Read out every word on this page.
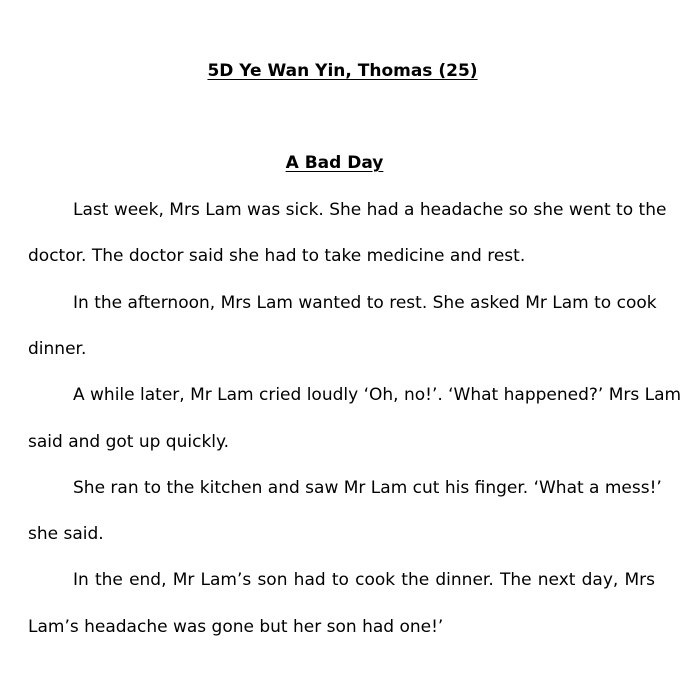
5D Ye Wan Yin, Thomas (25)
A Bad Day
Last week, Mrs Lam was sick. She had a headache so she went to the
doctor. The doctor said she had to take medicine and rest.
In the afternoon, Mrs Lam wanted to rest. She asked Mr Lam to cook
dinner.
A while later, Mr Lam cried loudly ‘Oh, no!’. ‘What happened?’ Mrs Lam
said and got up quickly.
She ran to the kitchen and saw Mr Lam cut his finger. ‘What a mess!’
she said.
In the end, Mr Lam’s son had to cook the dinner. The next day, Mrs
Lam’s headache was gone but her son had one!’
